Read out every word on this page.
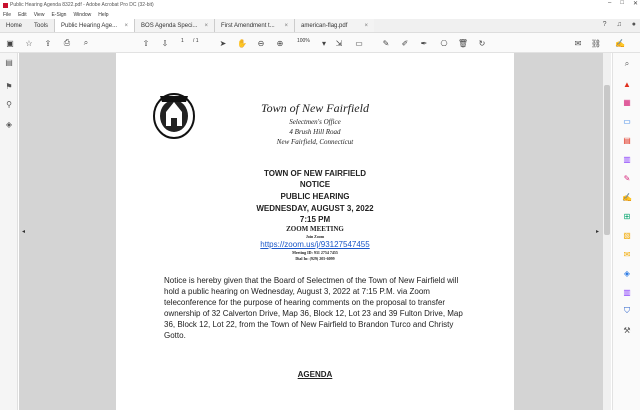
Public Hearing Agenda 8322.pdf - Adobe Acrobat Pro DC (32-bit)	– □ ✕
File Edit View E-Sign Window Help
Home	Tools	Public Hearing Age... × BOS Agenda Speci... × First Amendment t... × american-flag.pdf	×	? ♫ ●
▣	☆	⇪	⎙	⌕	⇧	⇩	1 / 1	➤	✋	⊖	⊕	100%	▾	⇲	▭	✎	✐	✒	⎔	🗑	↻	✉	⛓ ✍
▤
⚑
⚲
◈
◂	▸
Town of New Fairfield
Selectmen's Office
4 Brush Hill Road
New Fairfield, Connecticut
TOWN OF NEW FAIRFIELD
NOTICE
PUBLIC HEARING
WEDNESDAY, AUGUST 3, 2022
7:15 PM
ZOOM MEETING
Join Zoom
https://zoom.us/j/93127547455
Meeting ID: 931 2754 7455
Dial In: (929) 205-6099
Notice is hereby given that the Board of Selectmen of the Town of New Fairfield will hold a public hearing on Wednesday, August 3, 2022 at 7:15 P.M. via Zoom teleconference for the purpose of hearing comments on the proposal to transfer ownership of 32 Calverton Drive, Map 36, Block 12, Lot 23 and 39 Fulton Drive, Map 36, Block 12, Lot 22, from the Town of New Fairfield to Brandon Turco and Christy Gotto.
AGENDA
⌕
▲
▦
▭
▤
▥
✎
✍
⊞
▧
✉
◈
▥
⛉
⚒
